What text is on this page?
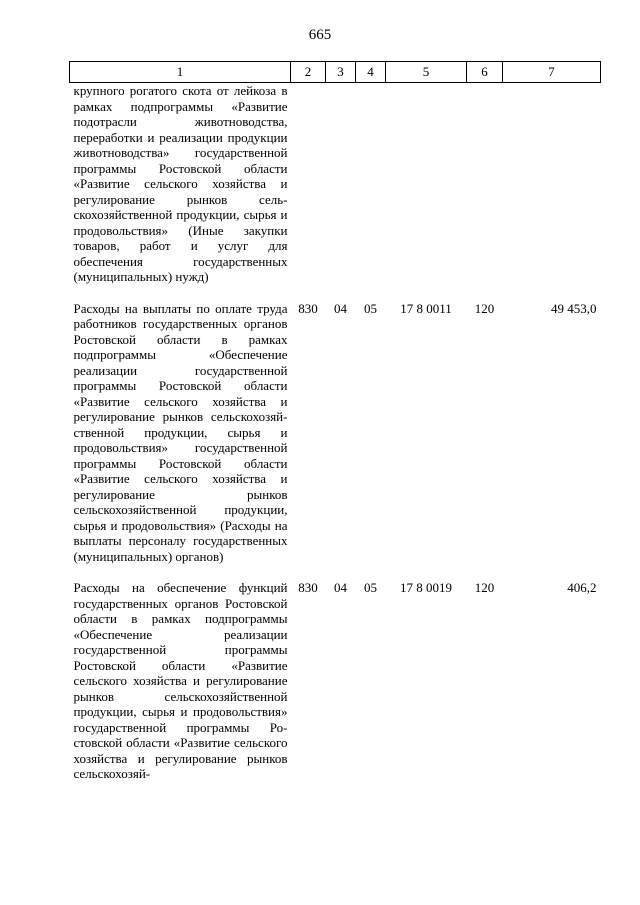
665
1	2	3	4	5	6	7
крупного рогатого скота от лейкоза в рамках подпрограммы «Развитие подотрасли животноводства, переработки и реализации продукции животноводства» государственной программы Ростовской области «Развитие сельского хозяйства и регулирование рынков сельскохозяйственной продукции, сырья и продовольствия» (Иные закупки товаров, работ и услуг для обеспечения государственных (муниципальных) нужд)						

Расходы на выплаты по оплате труда работников государственных органов Ростовской области в рамках подпрограммы «Обеспечение реализации государственной программы Ростовской области «Развитие сельского хозяйства и регулирование рынков сельскохозяйственной продукции, сырья и продовольствия» государственной программы Ростовской области «Развитие сельского хозяйства и регулирование рынков сельскохозяйственной продукции, сырья и продовольствия» (Расходы на выплаты персоналу государственных (муниципальных) органов)	830	04	05	17 8 0011	120	49 453,0

Расходы на обеспечение функций государственных органов Ростовской области в рамках подпрограммы «Обеспечение реализации государственной программы Ростовской области «Развитие сельского хозяйства и регулирование рынков сельскохозяйственной продукции, сырья и продовольствия» государственной программы Ростовской области «Развитие сельского хозяйства и регулирование рынков сельскохозяй-	830	04	05	17 8 0019	120	406,2
